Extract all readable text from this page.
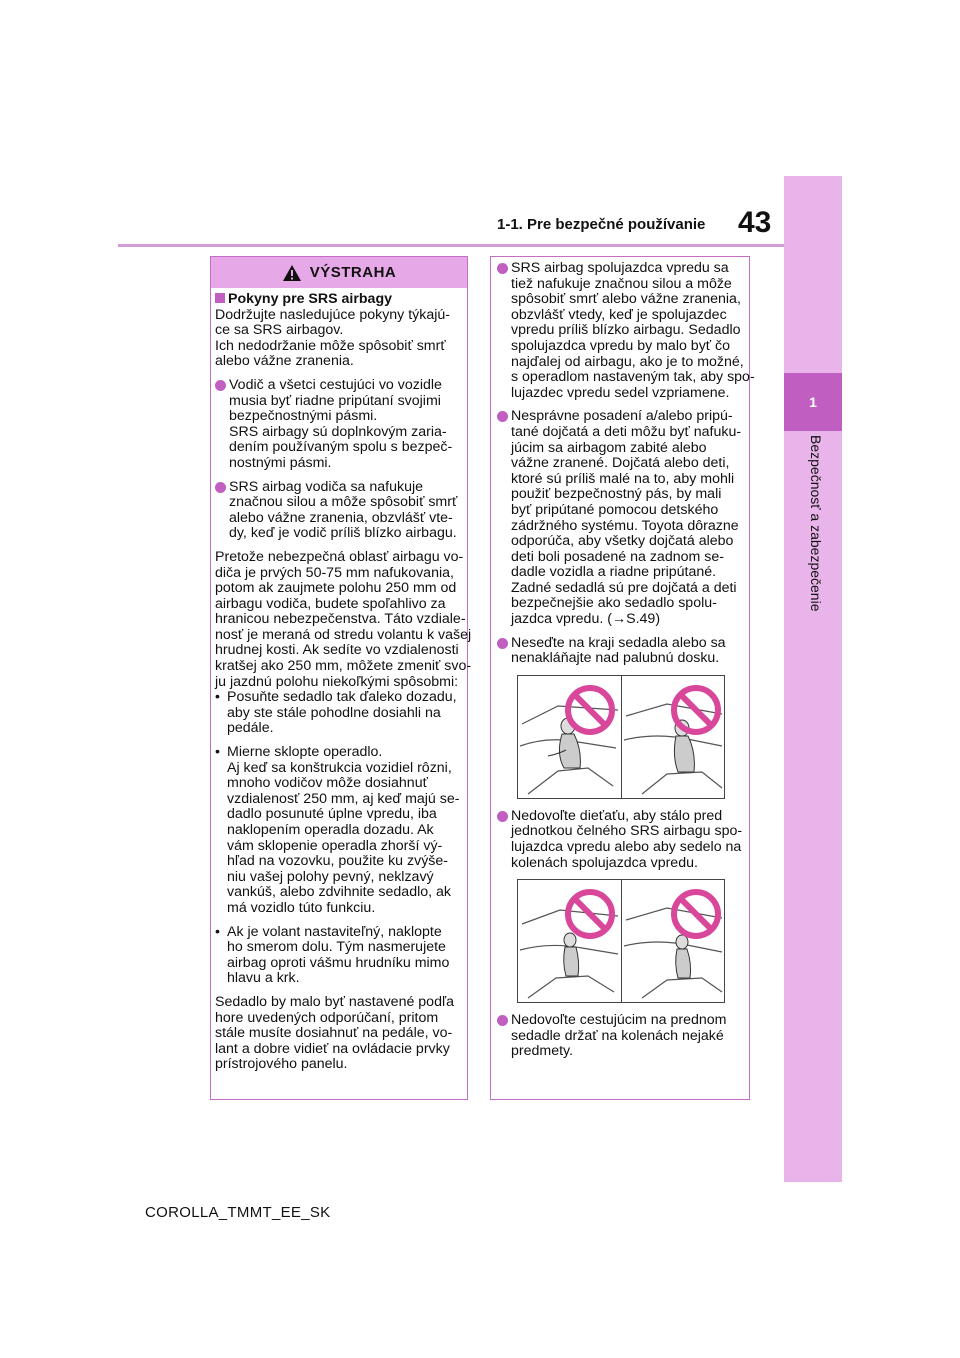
1-1. Pre bezpečné používanie 43
1
Bezpečnosť a zabezpečenie
VÝSTRAHA
Pokyny pre SRS airbagy
Dodržujte nasledujúce pokyny týkajú-
ce sa SRS airbagov.
Ich nedodržanie môže spôsobiť smrť
alebo vážne zranenia.
Vodič a všetci cestujúci vo vozidle
musia byť riadne pripútaní svojimi
bezpečnostnými pásmi.
SRS airbagy sú doplnkovým zaria-
dením používaným spolu s bezpeč-
nostnými pásmi.
SRS airbag vodiča sa nafukuje
značnou silou a môže spôsobiť smrť
alebo vážne zranenia, obzvlášť vte-
dy, keď je vodič príliš blízko airbagu.
Pretože nebezpečná oblasť airbagu vo-
diča je prvých 50-75 mm nafukovania,
potom ak zaujmete polohu 250 mm od
airbagu vodiča, budete spoľahlivo za
hranicou nebezpečenstva. Táto vzdiale-
nosť je meraná od stredu volantu k vašej
hrudnej kosti. Ak sedíte vo vzdialenosti
kratšej ako 250 mm, môžete zmeniť svo-
ju jazdnú polohu niekoľkými spôsobmi:
• Posuňte sedadlo tak ďaleko dozadu,
aby ste stále pohodlne dosiahli na
pedále.
• Mierne sklopte operadlo.
Aj keď sa konštrukcia vozidiel rôzni,
mnoho vodičov môže dosiahnuť
vzdialenosť 250 mm, aj keď majú se-
dadlo posunuté úplne vpredu, iba
naklopením operadla dozadu. Ak
vám sklopenie operadla zhorší vý-
hľad na vozovku, použite ku zvýše-
niu vašej polohy pevný, neklzavý
vankúš, alebo zdvihnite sedadlo, ak
má vozidlo túto funkciu.
• Ak je volant nastaviteľný, naklopte
ho smerom dolu. Tým nasmerujete
airbag oproti vášmu hrudníku mimo
hlavu a krk.
Sedadlo by malo byť nastavené podľa
hore uvedených odporúčaní, pritom
stále musíte dosiahnuť na pedále, vo-
lant a dobre vidieť na ovládacie prvky
prístrojového panelu.
SRS airbag spolujazdca vpredu sa
tiež nafukuje značnou silou a môže
spôsobiť smrť alebo vážne zranenia,
obzvlášť vtedy, keď je spolujazdec
vpredu príliš blízko airbagu. Sedadlo
spolujazdca vpredu by malo byť čo
najďalej od airbagu, ako je to možné,
s operadlom nastaveným tak, aby spo-
lujazdec vpredu sedel vzpriamene.
Nesprávne posadení a/alebo pripú-
tané dojčatá a deti môžu byť nafuku-
júcim sa airbagom zabité alebo
vážne zranené. Dojčatá alebo deti,
ktoré sú príliš malé na to, aby mohli
použiť bezpečnostný pás, by mali
byť pripútané pomocou detského
zádržného systému. Toyota dôrazne
odporúča, aby všetky dojčatá alebo
deti boli posadené na zadnom se-
dadle vozidla a riadne pripútané.
Zadné sedadlá sú pre dojčatá a deti
bezpečnejšie ako sedadlo spolu-
jazdca vpredu. (→S.49)
Neseďte na kraji sedadla alebo sa
nenakláňajte nad palubnú dosku.
Nedovoľte dieťaťu, aby stálo pred
jednotkou čelného SRS airbagu spo-
lujazdca vpredu alebo aby sedelo na
kolenách spolujazdca vpredu.
Nedovoľte cestujúcim na prednom
sedadle držať na kolenách nejaké
predmety.
COROLLA_TMMT_EE_SK
